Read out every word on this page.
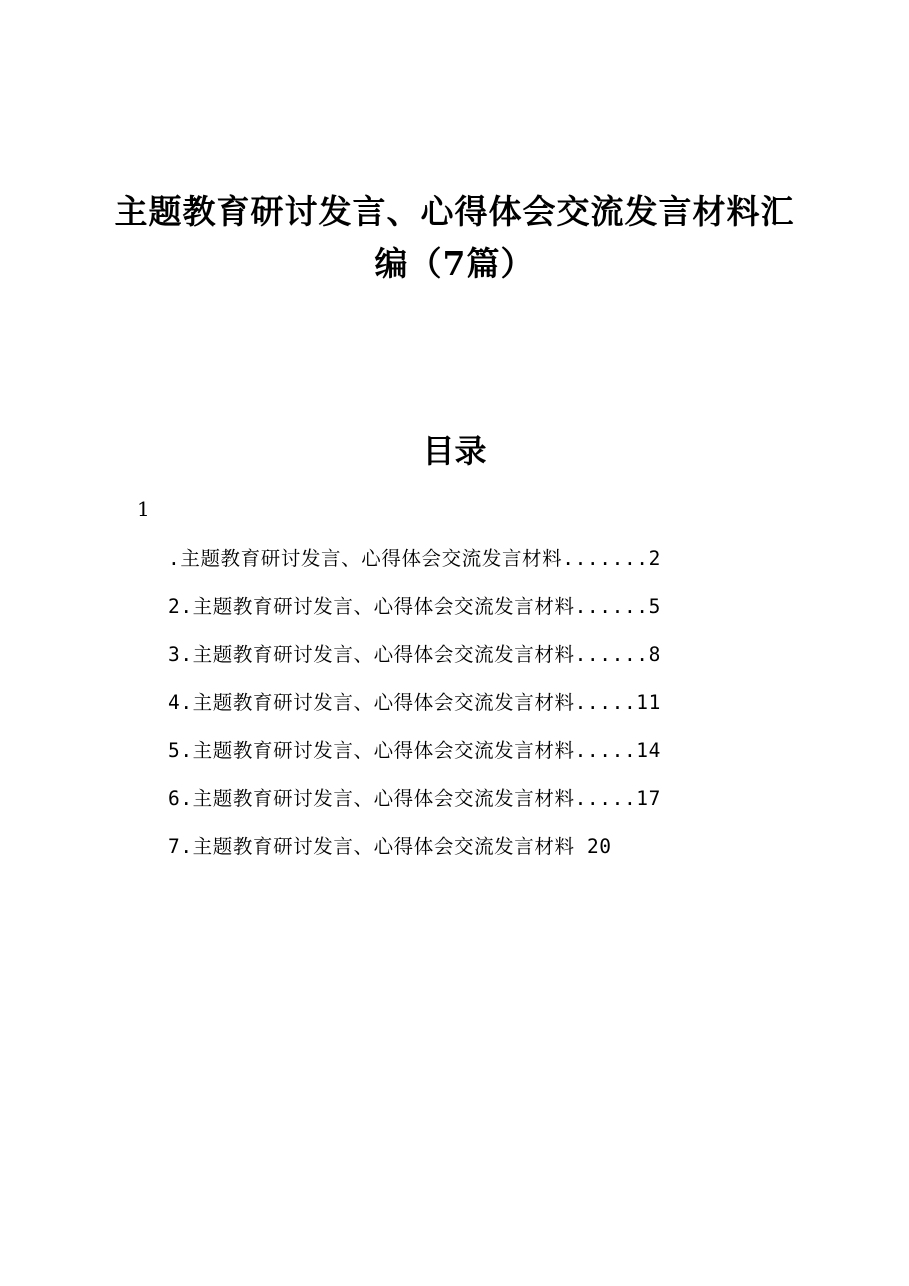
主题教育研讨发言、心得体会交流发言材料汇
编（7篇）
目录
1
.主题教育研讨发言、心得体会交流发言材料.......2
2.主题教育研讨发言、心得体会交流发言材料......5
3.主题教育研讨发言、心得体会交流发言材料......8
4.主题教育研讨发言、心得体会交流发言材料.....11
5.主题教育研讨发言、心得体会交流发言材料.....14
6.主题教育研讨发言、心得体会交流发言材料.....17
7.主题教育研讨发言、心得体会交流发言材料 20
